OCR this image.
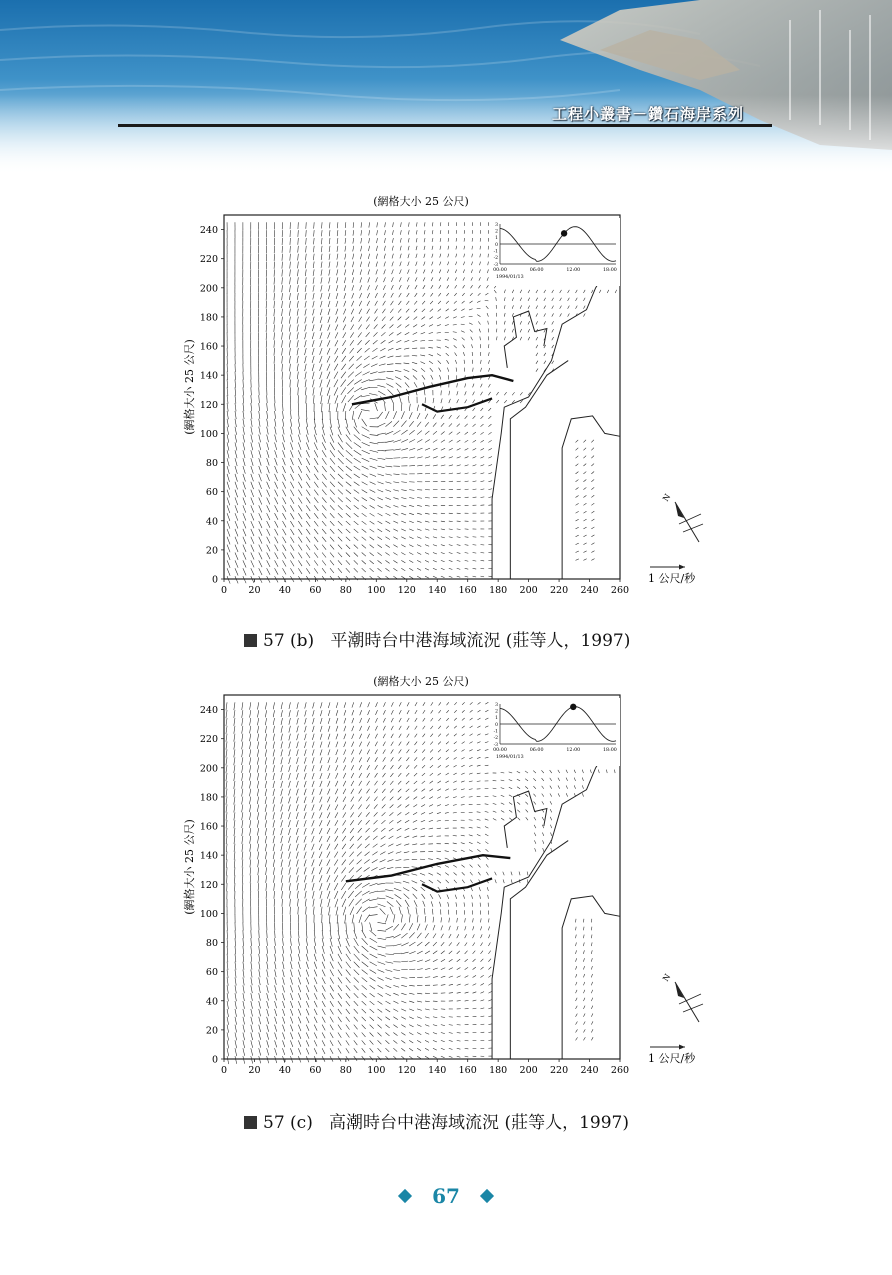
工程小叢書－鑽石海岸系列
(網格大小 25 公尺)
(網格大小 25 公尺)
0 20 40 60 80 100 120 140 160 180 200 220 240 260
0
20
40
60
80
100
120
140
160
180
200
220
240	3
2
1
0
-1
-2
-3
00:00	06:00	12:00	18:00
1994/01/13
N
1 公尺/秒
57 (b) 平潮時台中港海域流況 (莊等人，1997)
(網格大小 25 公尺)
(網格大小 25 公尺)
0 20 40 60 80 100 120 140 160 180 200 220 240 260
0
20
40
60
80
100
120
140
160
180
200
220
240	3
2
1
0
-1
-2
-3
00:00	06:00	12:00	18:00
1994/01/13
N
1 公尺/秒
57 (c) 高潮時台中港海域流況 (莊等人，1997)
67
